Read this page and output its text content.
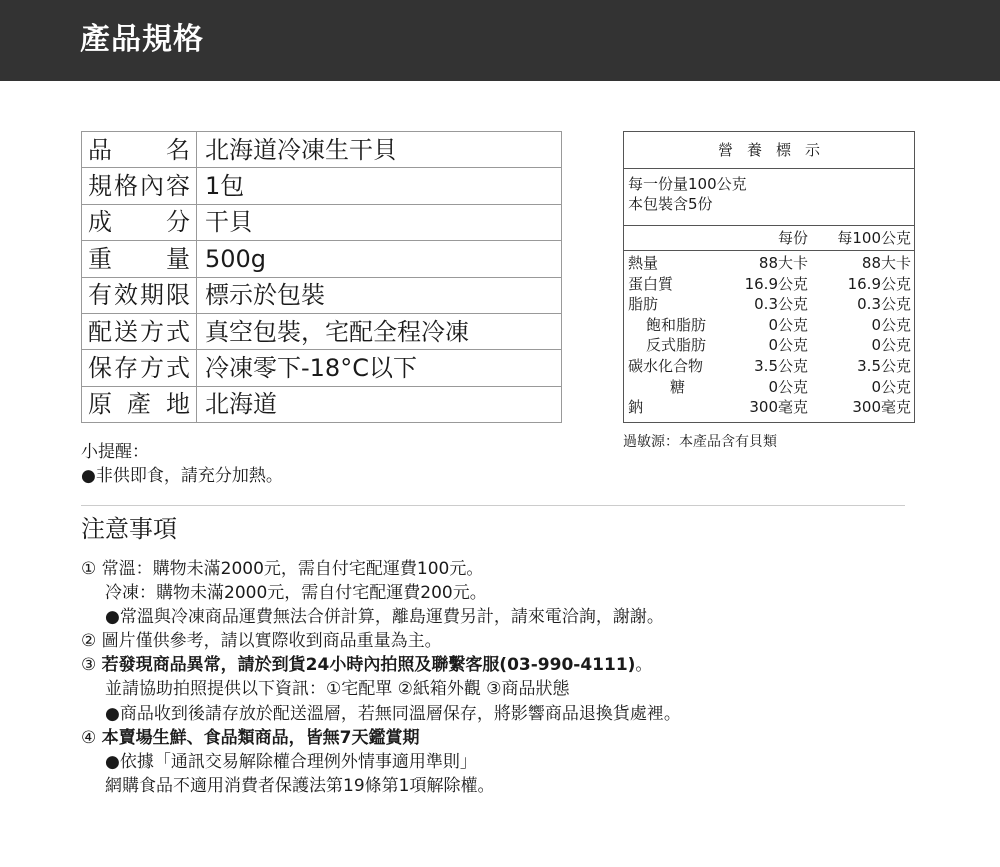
產品規格
品　　名	北海道冷凍生干貝

規格內容	1包

成　　分	干貝

重　　量	500g

有效期限	標示於包裝

配送方式	真空包裝，宅配全程冷凍

保存方式	冷凍零下-18°C以下

原 產 地	北海道
營養標示
每一份量100公克
本包裝含5份
每份 每100公克
熱量	88大卡	88大卡
蛋白質	16.9公克	16.9公克
脂肪	0.3公克	0.3公克
飽和脂肪	0公克	0公克
反式脂肪	0公克	0公克
碳水化合物	3.5公克	3.5公克
糖	0公克	0公克
鈉	300毫克	300毫克
過敏源：本產品含有貝類
小提醒：
●非供即食，請充分加熱。
注意事項
① 常溫：購物未滿2000元，需自付宅配運費100元。
冷凍：購物未滿2000元，需自付宅配運費200元。
●常溫與冷凍商品運費無法合併計算，離島運費另計，請來電洽詢，謝謝。
② 圖片僅供參考，請以實際收到商品重量為主。
③ 若發現商品異常，請於到貨24小時內拍照及聯繫客服(03-990-4111)。
並請協助拍照提供以下資訊：①宅配單 ②紙箱外觀 ③商品狀態
●商品收到後請存放於配送溫層，若無同溫層保存，將影響商品退換貨處裡。
④ 本賣場生鮮、食品類商品，皆無7天鑑賞期
●依據「通訊交易解除權合理例外情事適用準則」
網購食品不適用消費者保護法第19條第1項解除權。
